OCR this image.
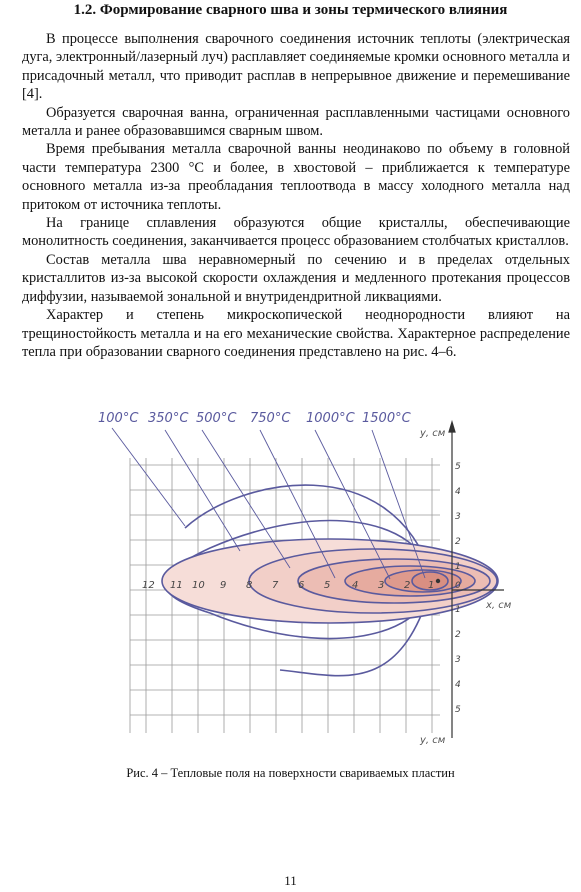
1.2. Формирование сварного шва и зоны термического влияния

В процессе выполнения сварочного соединения источник теплоты (электрическая дуга, электронный/лазерный луч) расплавляет соединяемые кромки основного металла и присадочный металл, что приводит расплав в непрерывное движение и перемешивание [4].

Образуется сварочная ванна, ограниченная расплавленными частицами основного металла и ранее образовавшимся сварным швом.

Время пребывания металла сварочной ванны неодинаково по объему в головной части температура 2300 °С и более, в хвостовой – приближается к температуре основного металла из-за преобладания теплоотвода в массу холодного металла над притоком от источника теплоты.

На границе сплавления образуются общие кристаллы, обеспечивающие монолитность соединения, заканчивается процесс образованием столбчатых кристаллов.

Состав металла шва неравномерный по сечению и в пределах отдельных кристаллитов из-за высокой скорости охлаждения и медленного протекания процессов диффузии, называемой зональной и внутридендритной ликвациями.

Характер и степень микроскопической неоднородности влияют на трещиностойкость металла и на его механические свойства. Характерное распределение тепла при образовании сварного соединения представлено на рис. 4–6.

100°С 350°С 500°С 750°С 1000°С 1500°С
у, см
у, см
х, см
5
4
3
2
1
0
1
2
3
4
5
12 11 10 9 8 7 6 5 4 3 2 1
Рис. 4 – Тепловые поля на поверхности свариваемых пластин
11
